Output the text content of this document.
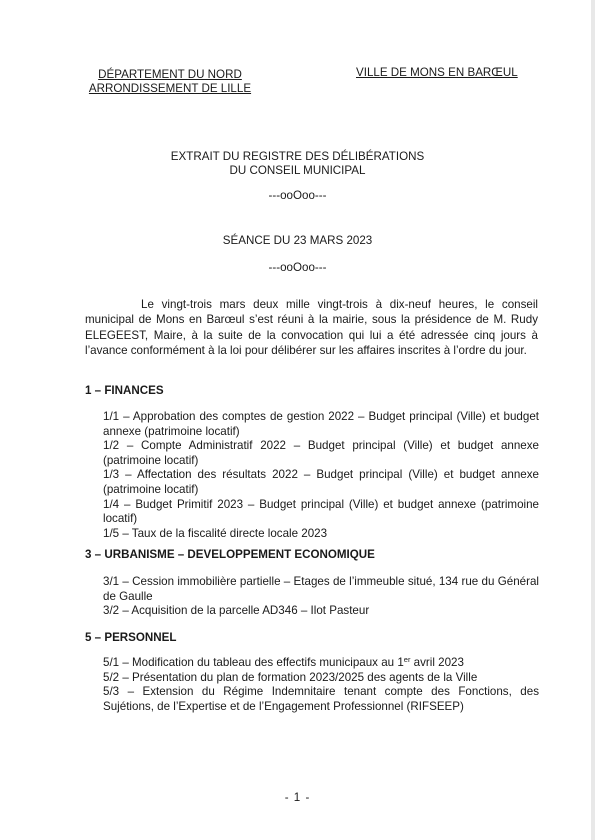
DÉPARTEMENT DU NORD
ARRONDISSEMENT DE LILLE
VILLE DE MONS EN BARŒUL
EXTRAIT DU REGISTRE DES DÉLIBÉRATIONS
DU CONSEIL MUNICIPAL
---ooOoo---
SÉANCE DU 23 MARS 2023
---ooOoo---
Le vingt-trois mars deux mille vingt-trois à dix-neuf heures, le conseil municipal de Mons en Barœul s’est réuni à la mairie, sous la présidence de M. Rudy ELEGEEST, Maire, à la suite de la convocation qui lui a été adressée cinq jours à l’avance conformément à la loi pour délibérer sur les affaires inscrites à l’ordre du jour.
1 – FINANCES
1/1 – Approbation des comptes de gestion 2022 – Budget principal (Ville) et budget annexe (patrimoine locatif)
1/2 – Compte Administratif 2022 – Budget principal (Ville) et budget annexe (patrimoine locatif)
1/3 – Affectation des résultats 2022 – Budget principal (Ville) et budget annexe (patrimoine locatif)
1/4 – Budget Primitif 2023 – Budget principal (Ville) et budget annexe (patrimoine locatif)
1/5 – Taux de la fiscalité directe locale 2023
3 – URBANISME – DEVELOPPEMENT ECONOMIQUE
3/1 – Cession immobilière partielle – Etages de l’immeuble situé, 134 rue du Général de Gaulle
3/2 – Acquisition de la parcelle AD346 – Ilot Pasteur
5 – PERSONNEL
5/1 – Modification du tableau des effectifs municipaux au 1er avril 2023
5/2 – Présentation du plan de formation 2023/2025 des agents de la Ville
5/3 – Extension du Régime Indemnitaire tenant compte des Fonctions, des Sujétions, de l’Expertise et de l’Engagement Professionnel (RIFSEEP)
- 1 -
